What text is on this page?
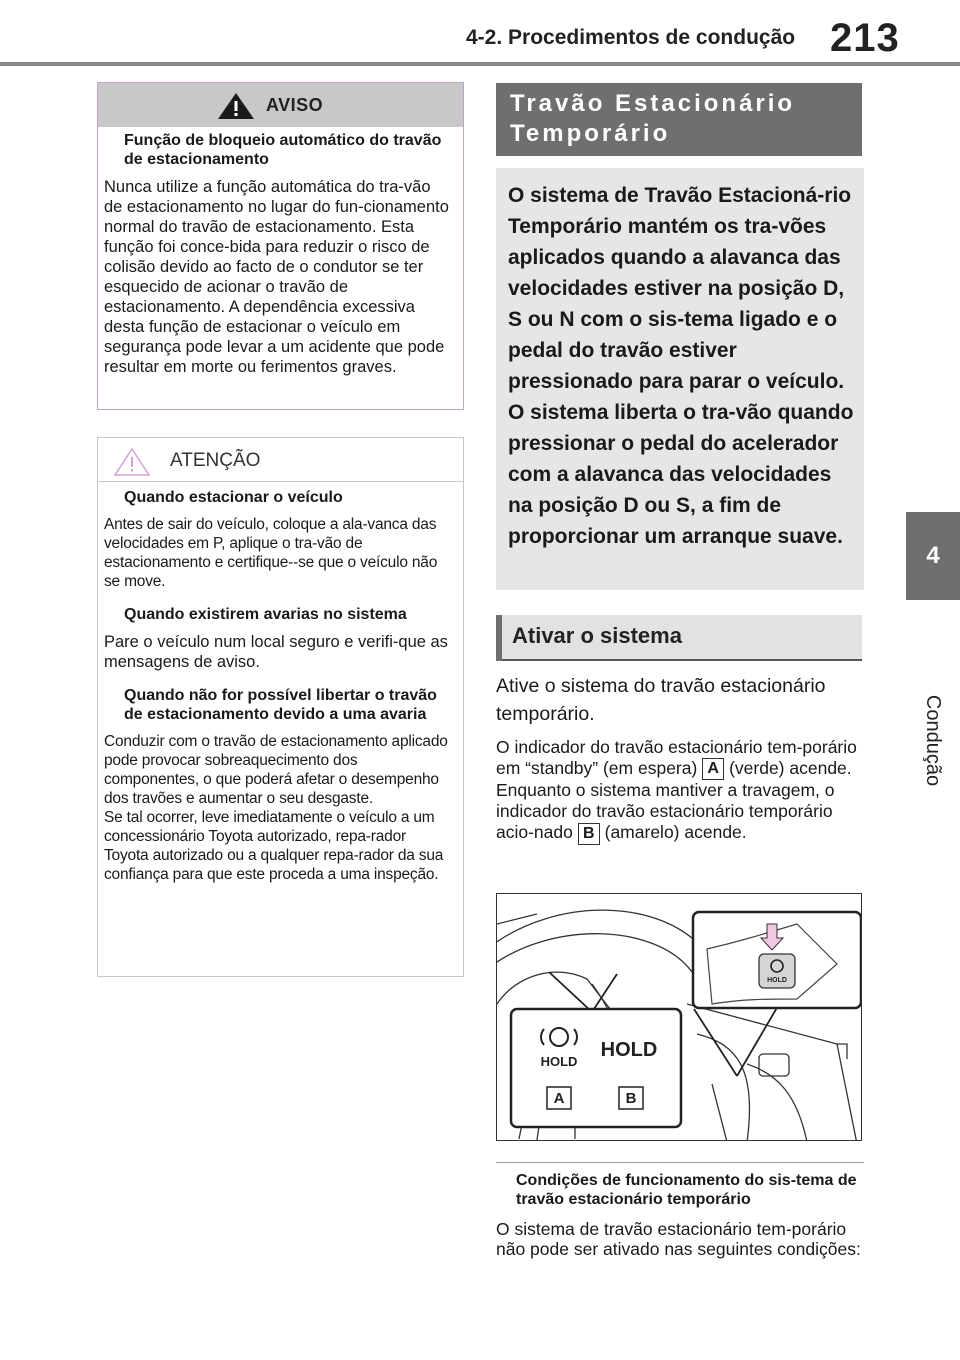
4-2. Procedimentos de condução 213
4
Condução
AVISO
Função de bloqueio automático do travão de estacionamento
Nunca utilize a função automática do tra-vão de estacionamento no lugar do fun-cionamento normal do travão de estacionamento. Esta função foi conce-bida para reduzir o risco de colisão devido ao facto de o condutor se ter esquecido de acionar o travão de estacionamento. A dependência excessiva desta função de estacionar o veículo em segurança pode levar a um acidente que pode resultar em morte ou ferimentos graves.
ATENÇÃO
Quando estacionar o veículo
Antes de sair do veículo, coloque a ala-vanca das velocidades em P, aplique o tra-vão de estacionamento e certifique--se que o veículo não se move.
Quando existirem avarias no sistema
Pare o veículo num local seguro e verifi-que as mensagens de aviso.
Quando não for possível libertar o travão de estacionamento devido a uma avaria
Conduzir com o travão de estacionamento aplicado pode provocar sobreaquecimento dos componentes, o que poderá afetar o desempenho dos travões e aumentar o seu desgaste.
Se tal ocorrer, leve imediatamente o veículo a um concessionário Toyota autorizado, repa-rador Toyota autorizado ou a qualquer repa-rador da sua confiança para que este proceda a uma inspeção.
Travão Estacionário Temporário

O sistema de Travão Estacioná-rio Temporário mantém os tra-vões aplicados quando a alavanca das velocidades estiver na posição D, S ou N com o sis-tema ligado e o pedal do travão estiver pressionado para parar o veículo. O sistema liberta o tra-vão quando pressionar o pedal do acelerador com a alavanca das velocidades na posição D ou S, a fim de proporcionar um arranque suave.

Ativar o sistema
Ative o sistema do travão estacionário temporário.
O indicador do travão estacionário tem-porário em “standby” (em espera) A (verde) acende. Enquanto o sistema mantiver a travagem, o indicador do travão estacionário temporário acio-nado B (amarelo) acende.
HOLD
HOLD
HOLD
A	B
Condições de funcionamento do sis-tema de travão estacionário temporário
O sistema de travão estacionário tem-porário não pode ser ativado nas seguintes condições:
